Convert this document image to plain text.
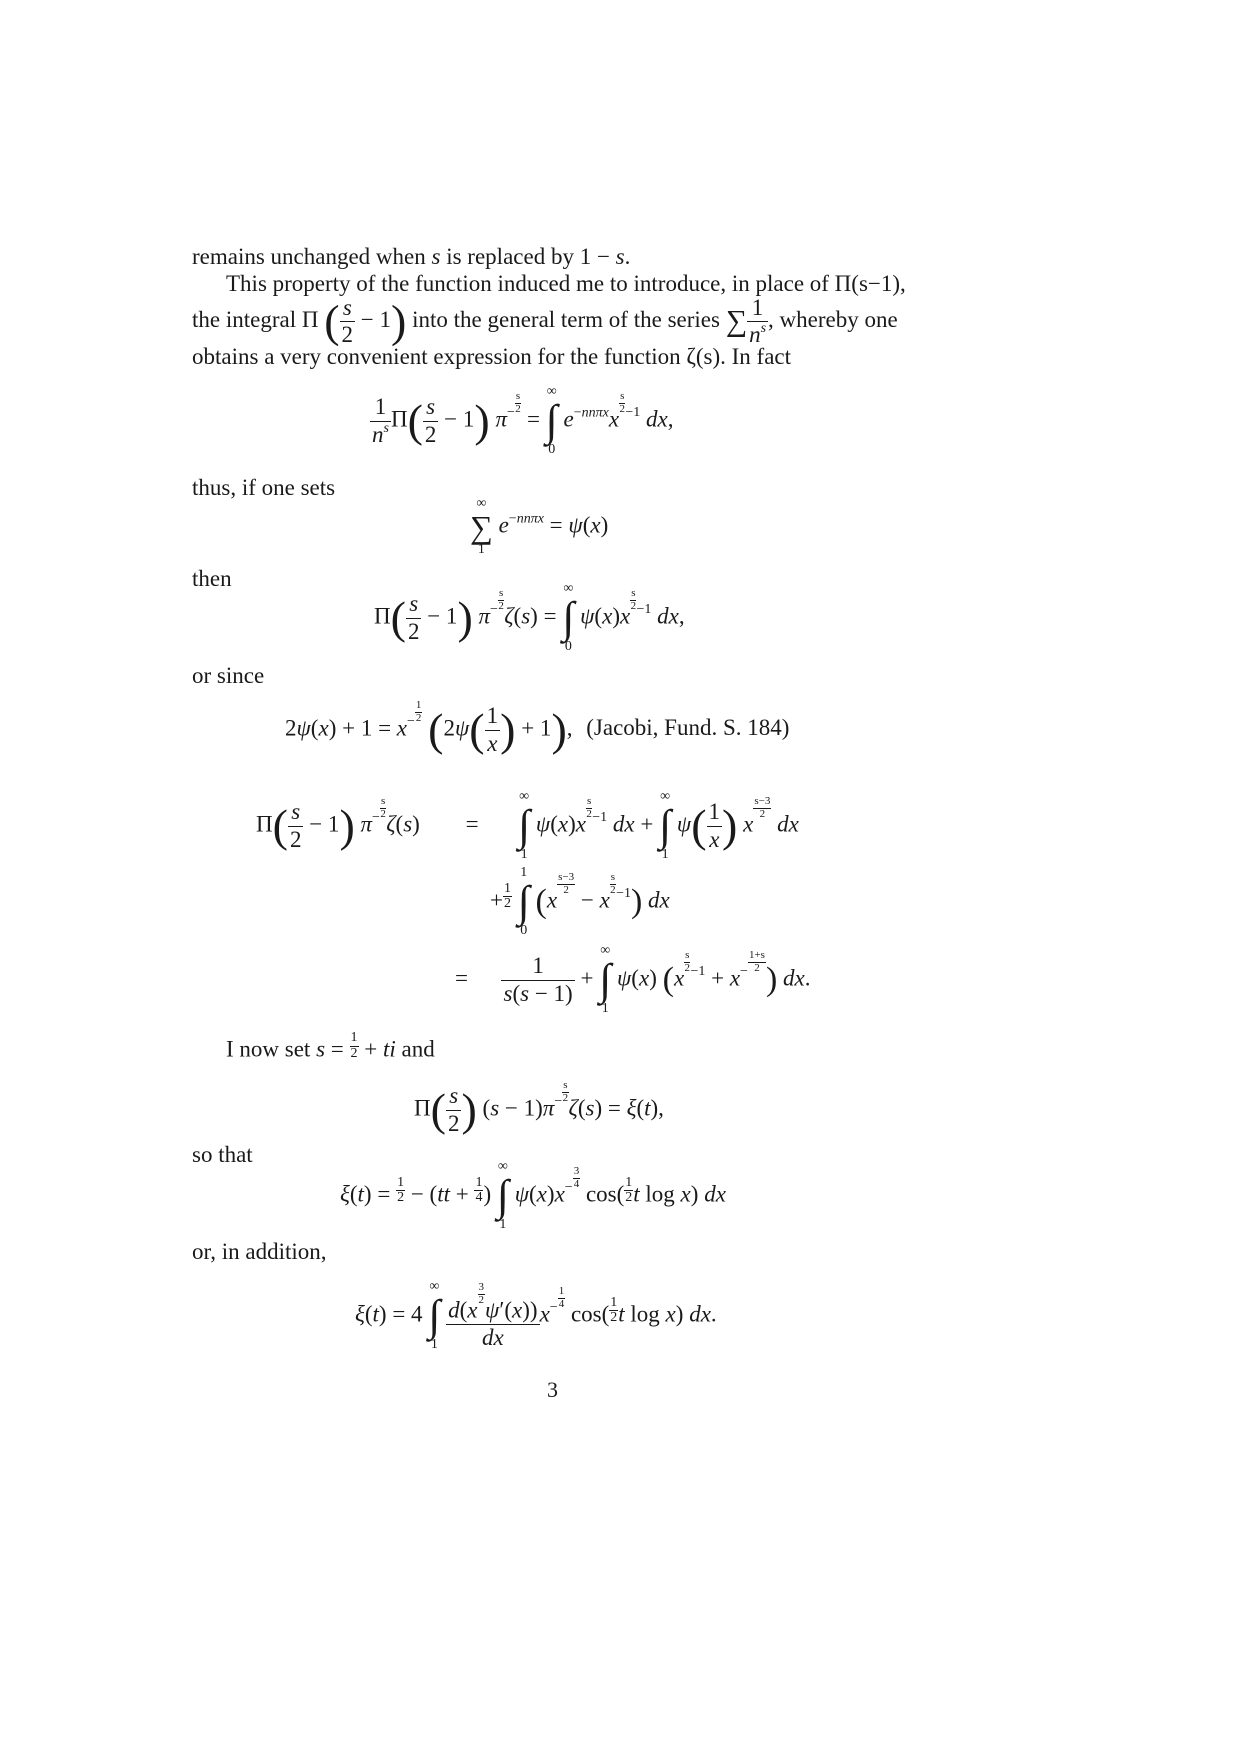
remains unchanged when s is replaced by 1 − s.
This property of the function induced me to introduce, in place of Π(s−1),
the integral Π ( $\frac{s}{2} - 1$) into the general term of the series ∑ $\frac{1}{n^s}$ , whereby one
obtains a very convenient expression for the function ζ(s). In fact
$\frac{1}{n^s} \Pi( \frac{s}{2} - 1)$ $\pi^{- \frac{s}{2}}$
=
∞
∫
0
$e^{-nn\pi x}x$
$^{\frac{s}{2} -1}$ dx,
thus, if one sets
∞
∑
1
$e^{-nn\pi x} = \psi(x)$
then
$\Pi( \frac{s}{2} - 1)$ $\pi^{- \frac{s}{2}}$
ζ(s) =
∞
∫
0
ψ(x)x
$^{\frac{s}{2} -1}$ dx,
or since
$2\psi(x) + 1 = x^{- \frac{1}{2}}$ ($2\psi( \frac{1}{x}$ ) + 1), (Jacobi, Fund. S. 184)
$\Pi( \frac{s}{2} - 1)$ $\pi^{- \frac{s}{2}}$
ζ(s) =
∞
∫
1
ψ(x)x
$^{\frac{s}{2} -1}$ dx +
∞
∫
1
$\psi( \frac{1}{x}$ ) x
$^{\frac{s-3}{2}}$
dx
+ $\frac{1}{2}$

1
∫
0
(x
$^{\frac{s-3}{2}}$
− x
$^{\frac{s}{2} -1}$) dx
= $\frac{1}{s(s - 1)}$ +
∞
∫
1
ψ(x) (x
$^{\frac{s}{2} -1} + x^{- \frac{1+s}{2}}$ ) dx.
I now set $s = \frac{1}{2}$ + ti and
$\Pi( \frac{s}{2}$ ) $(s - 1)\pi^{- \frac{s}{2}}$
ζ(s) = ξ(t),
so that
$\xi(t) = \frac{1}{2} - (tt + \frac{1}{4}$ )
∞
∫
1
$\psi(x)x^{- \frac{3}{4}}$
$\cos( \frac{1}{2}$ t log x) dx
or, in addition,
ξ(t) = 4
∞
∫
1
d(x
$^{\frac{3}{2}}$
ψ′(x))
dx $x^{- \frac{1}{4}}$
$\cos( \frac{1}{2}$ t log x) dx.
3
